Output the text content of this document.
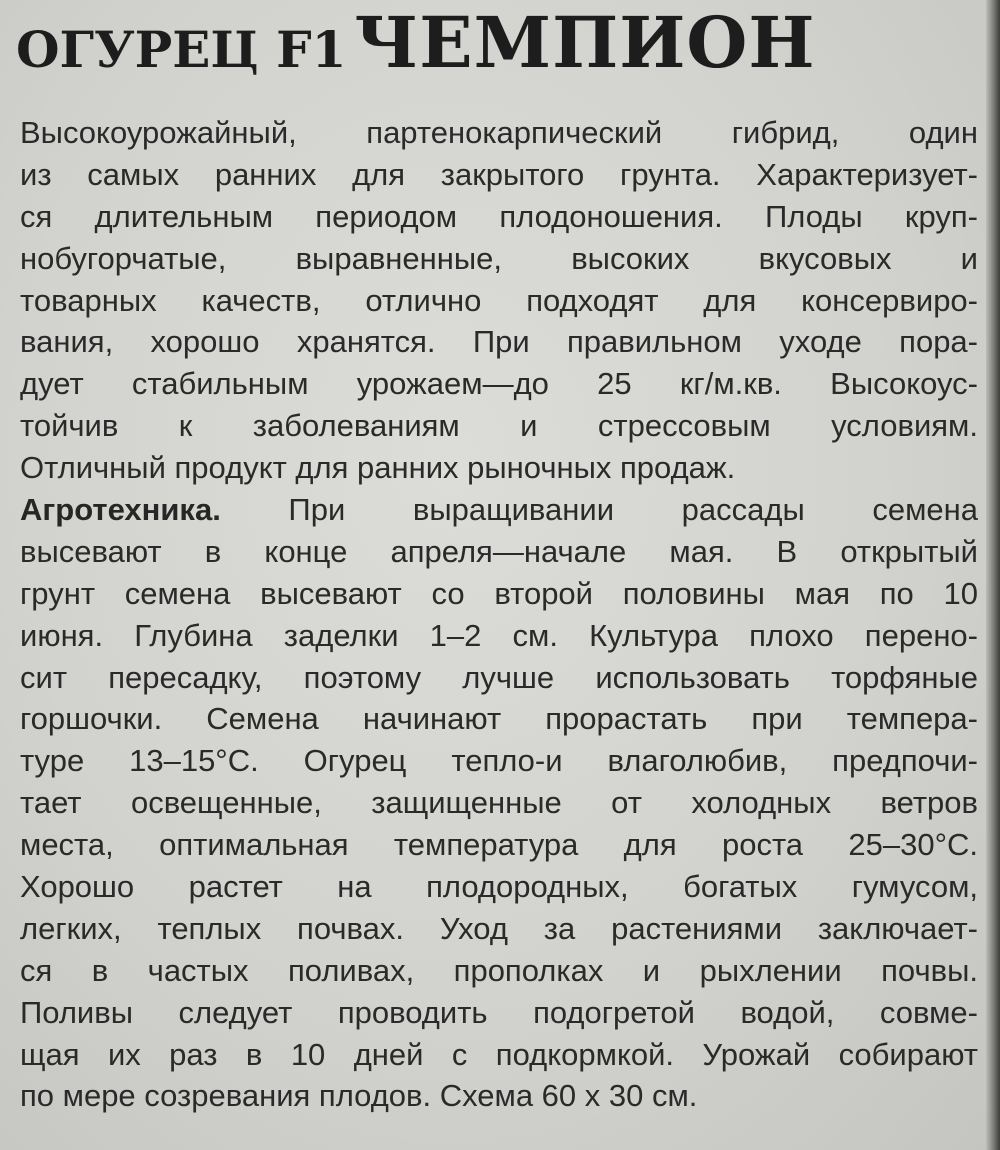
ОГУРЕЦ F1 ЧЕМПИОН
Высокоурожайный, партенокарпический гибрид, один
из самых ранних для закрытого грунта. Характеризует-
ся длительным периодом плодоношения. Плоды круп-
нобугорчатые, выравненные, высоких вкусовых и
товарных качеств, отлично подходят для консервиро-
вания, хорошо хранятся. При правильном уходе пора-
дует стабильным урожаем—до 25 кг/м.кв. Высокоус-
тойчив к заболеваниям и стрессовым условиям.
Отличный продукт для ранних рыночных продаж.
Агротехника. При выращивании рассады семена
высевают в конце апреля—начале мая. В открытый
грунт семена высевают со второй половины мая по 10
июня. Глубина заделки 1–2 см. Культура плохо перено-
сит пересадку, поэтому лучше использовать торфяные
горшочки. Семена начинают прорастать при темпера-
туре 13–15°С. Огурец тепло-и влаголюбив, предпочи-
тает освещенные, защищенные от холодных ветров
места, оптимальная температура для роста 25–30°С.
Хорошо растет на плодородных, богатых гумусом,
легких, теплых почвах. Уход за растениями заключает-
ся в частых поливах, прополках и рыхлении почвы.
Поливы следует проводить подогретой водой, совме-
щая их раз в 10 дней с подкормкой. Урожай собирают
по мере созревания плодов. Схема 60 х 30 см.
